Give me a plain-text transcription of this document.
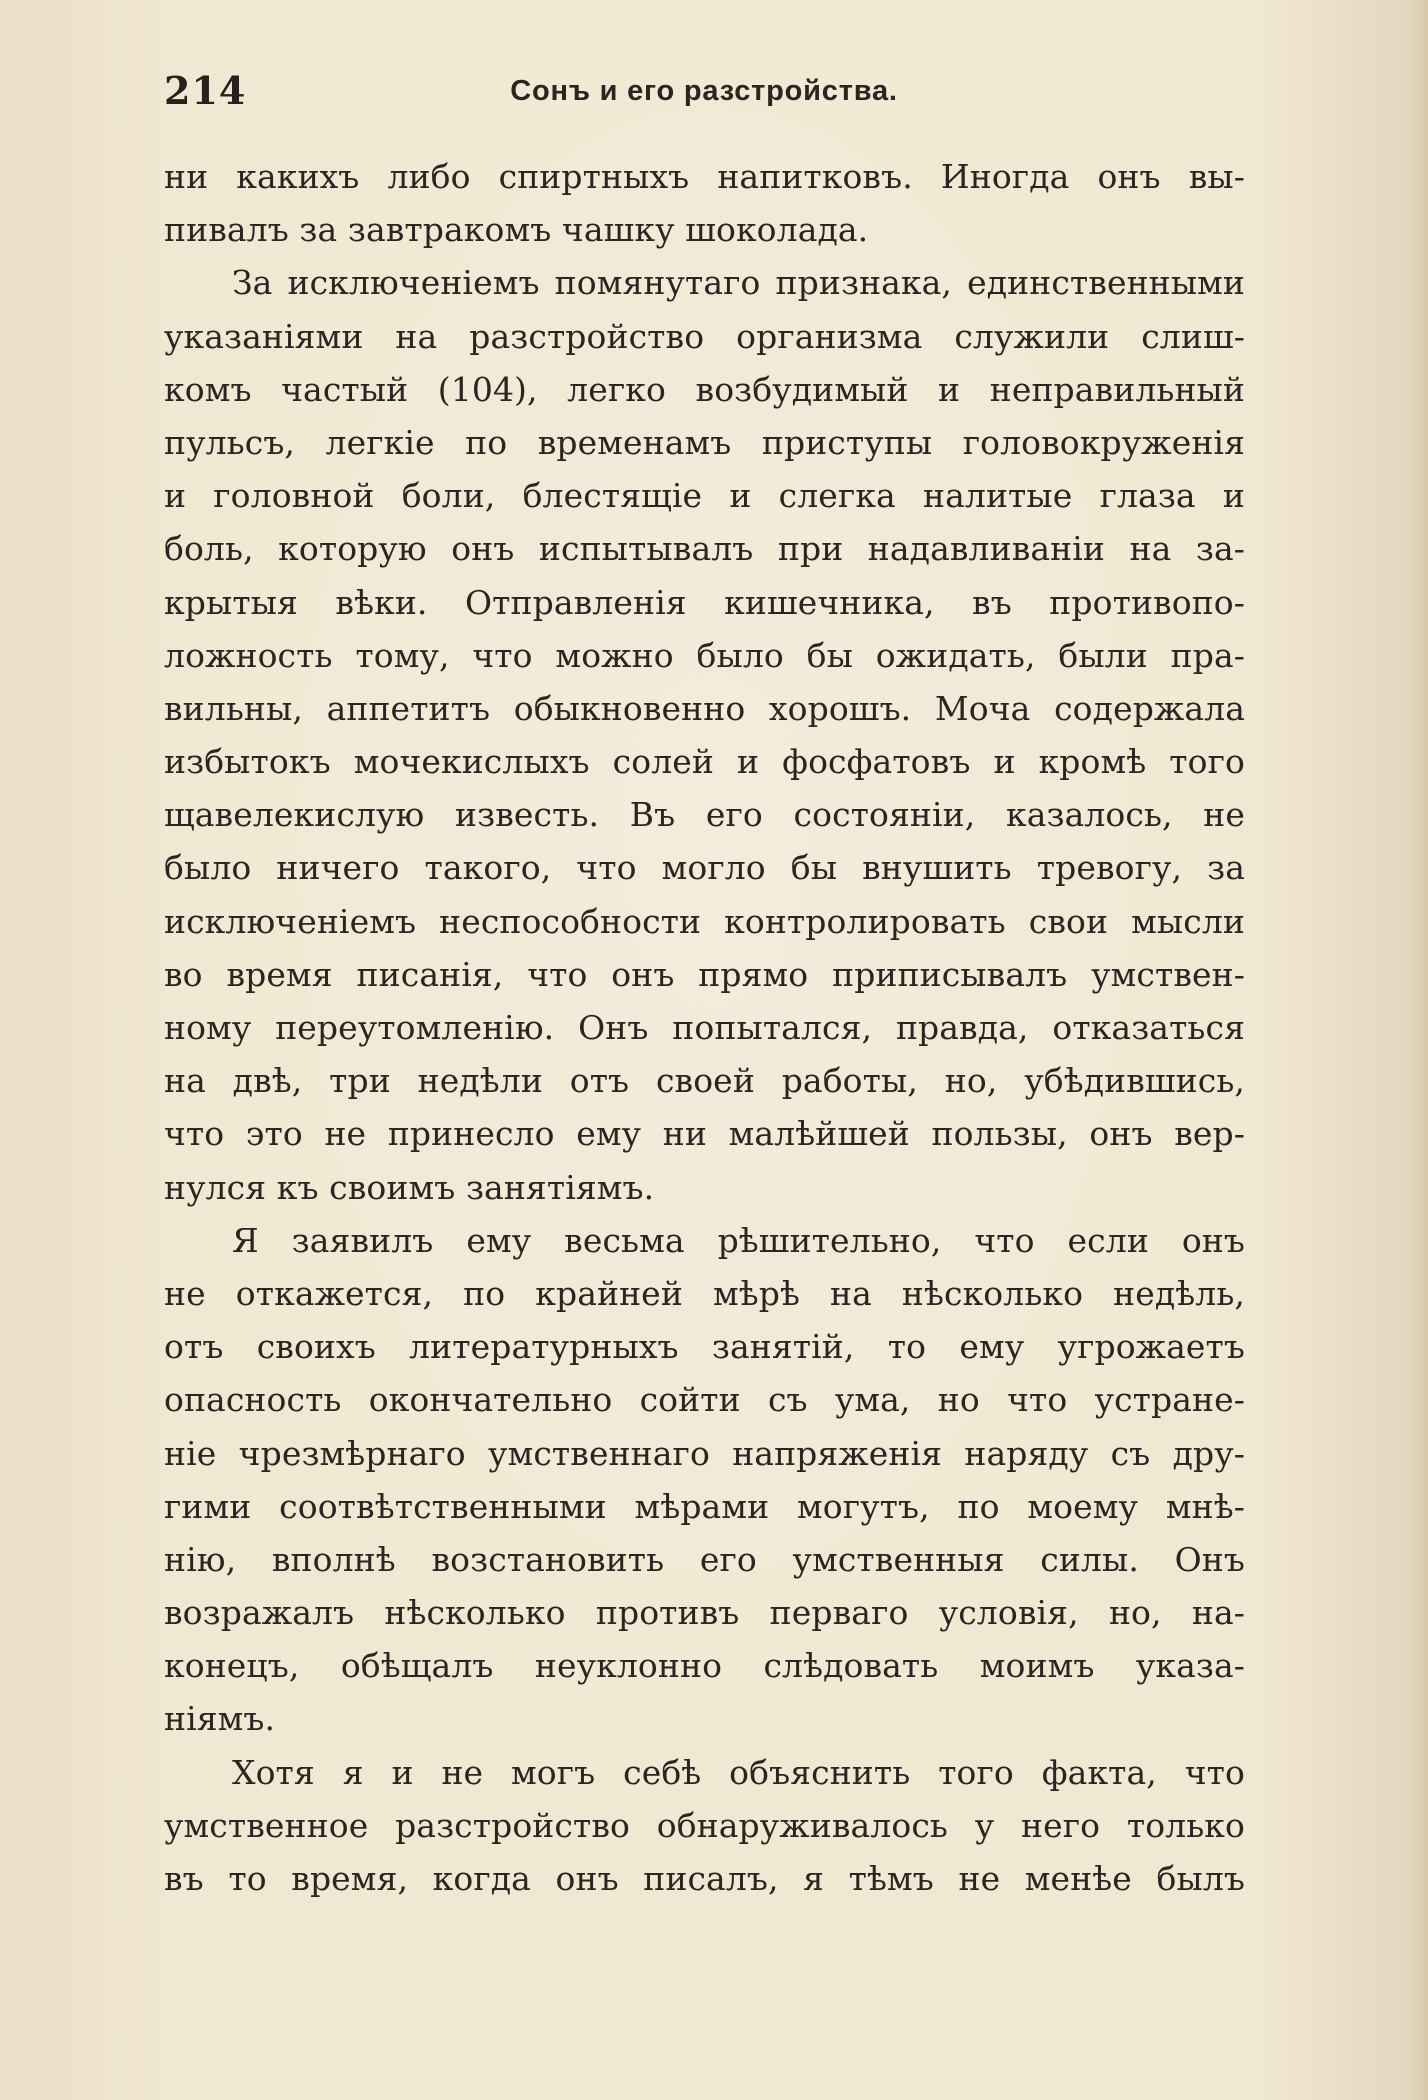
214	Сонъ и его разстройства.
ни какихъ либо спиртныхъ напитковъ. Иногда онъ вы-
пивалъ за завтракомъ чашку шоколада.
За исключеніемъ помянутаго признака, единственными
указаніями на разстройство организма служили слиш-
комъ частый (104), легко возбудимый и неправильный
пульсъ, легкіе по временамъ приступы головокруженія
и головной боли, блестящіе и слегка налитые глаза и
боль, которую онъ испытывалъ при надавливаніи на за-
крытыя вѣки. Отправленія кишечника, въ противопо-
ложность тому, что можно было бы ожидать, были пра-
вильны, аппетитъ обыкновенно хорошъ. Моча содержала
избытокъ мочекислыхъ солей и фосфатовъ и кромѣ того
щавелекислую известь. Въ его состояніи, казалось, не
было ничего такого, что могло бы внушить тревогу, за
исключеніемъ неспособности контролировать свои мысли
во время писанія, что онъ прямо приписывалъ умствен-
ному переутомленію. Онъ попытался, правда, отказаться
на двѣ, три недѣли отъ своей работы, но, убѣдившись,
что это не принесло ему ни малѣйшей пользы, онъ вер-
нулся къ своимъ занятіямъ.
Я заявилъ ему весьма рѣшительно, что если онъ
не откажется, по крайней мѣрѣ на нѣсколько недѣль,
отъ своихъ литературныхъ занятій, то ему угрожаетъ
опасность окончательно сойти съ ума, но что устране-
ніе чрезмѣрнаго умственнаго напряженія наряду съ дру-
гими соотвѣтственными мѣрами могутъ, по моему мнѣ-
нію, вполнѣ возстановить его умственныя силы. Онъ
возражалъ нѣсколько противъ перваго условія, но, на-
конецъ, обѣщалъ неуклонно слѣдовать моимъ указа-
ніямъ.
Хотя я и не могъ себѣ объяснить того факта, что
умственное разстройство обнаруживалось у него только
въ то время, когда онъ писалъ, я тѣмъ не менѣе былъ
